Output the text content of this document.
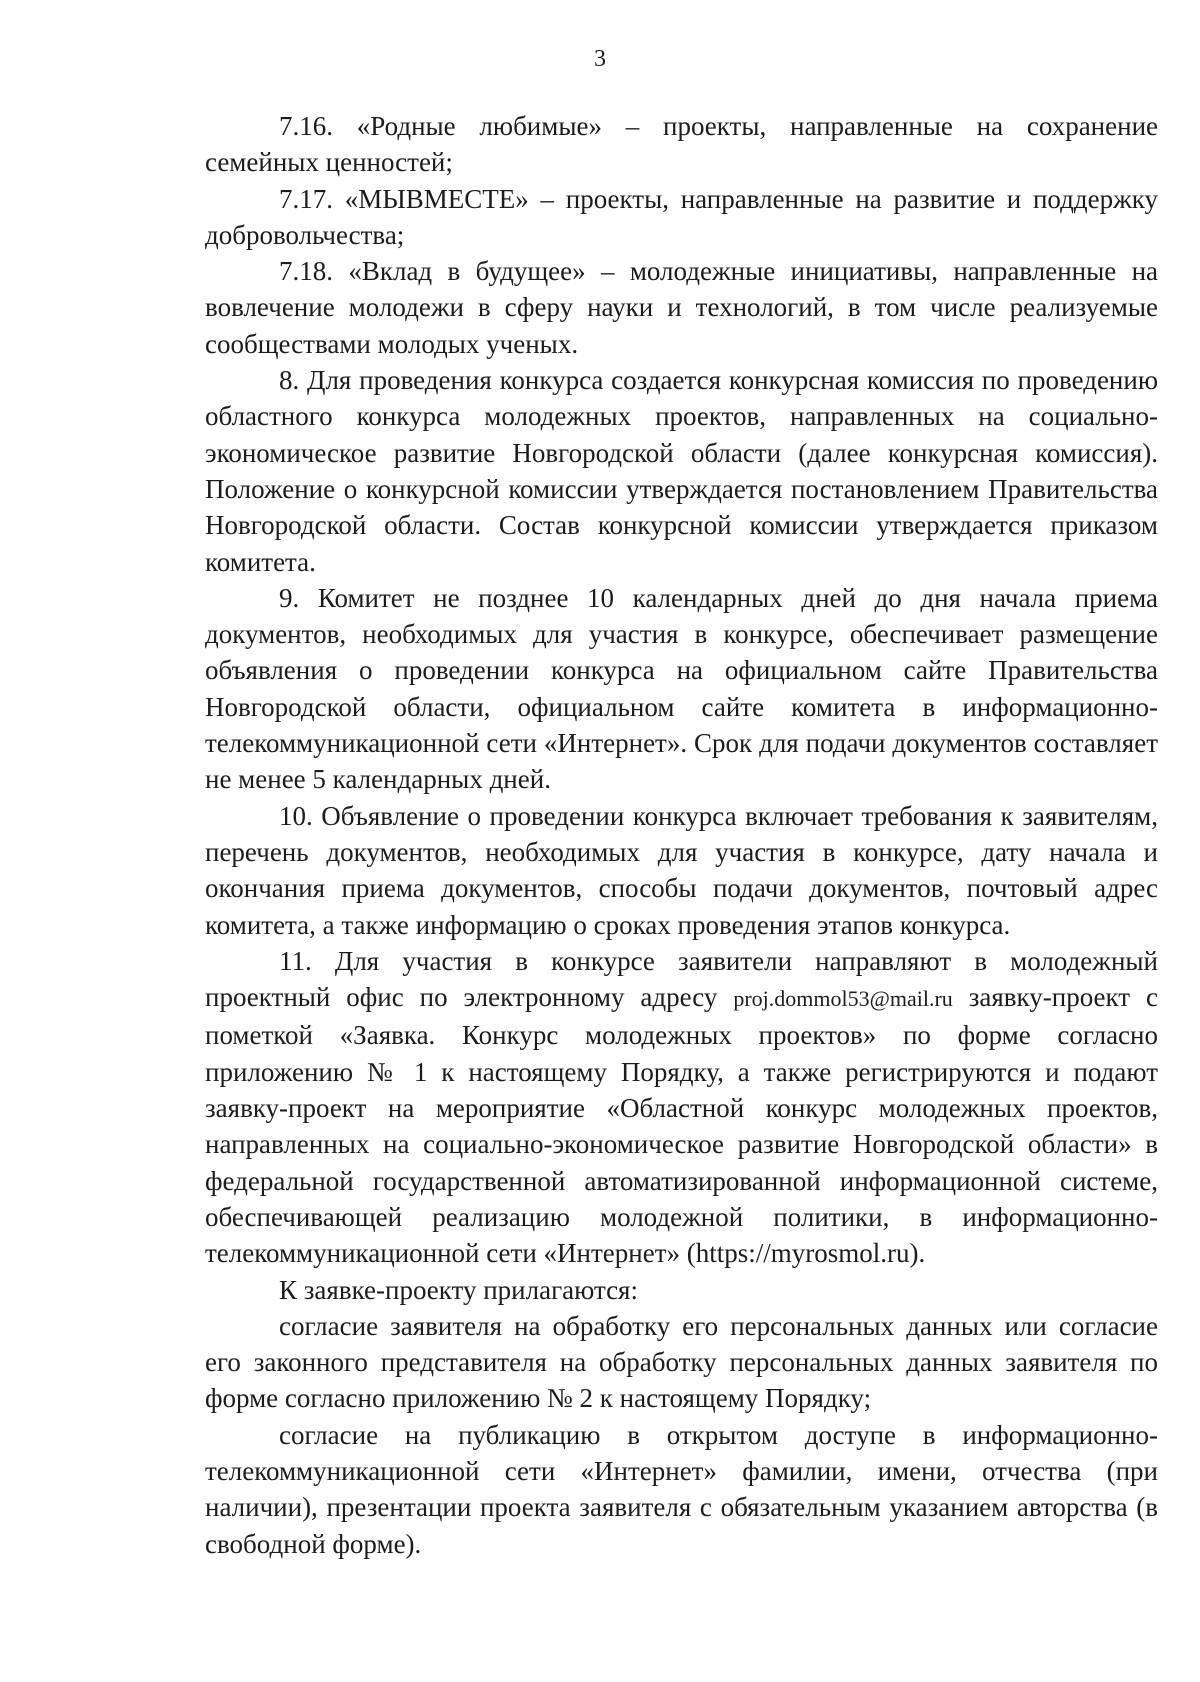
3

7.16. «Родные любимые» – проекты, направленные на сохранение семейных ценностей;

7.17. «МЫВМЕСТЕ» – проекты, направленные на развитие и поддержку добровольчества;

7.18. «Вклад в будущее» – молодежные инициативы, направленные на вовлечение молодежи в сферу науки и технологий, в том числе реализуемые сообществами молодых ученых.

8. Для проведения конкурса создается конкурсная комиссия по проведению областного конкурса молодежных проектов, направленных на социально-экономическое развитие Новгородской области (далее конкурсная комиссия). Положение о конкурсной комиссии утверждается постановлением Правительства Новгородской области. Состав конкурсной комиссии утверждается приказом комитета.

9. Комитет не позднее 10 календарных дней до дня начала приема документов, необходимых для участия в конкурсе, обеспечивает размещение объявления о проведении конкурса на официальном сайте Правительства Новгородской области, официальном сайте комитета в информационно-телекоммуникационной сети «Интернет». Срок для подачи документов составляет не менее 5 календарных дней.

10. Объявление о проведении конкурса включает требования к заявителям, перечень документов, необходимых для участия в конкурсе, дату начала и окончания приема документов, способы подачи документов, почтовый адрес комитета, а также информацию о сроках проведения этапов конкурса.

11. Для участия в конкурсе заявители направляют в молодежный проектный офис по электронному адресу proj.dommol53@mail.ru заявку-проект с пометкой «Заявка. Конкурс молодежных проектов» по форме согласно приложению № 1 к настоящему Порядку, а также регистрируются и подают заявку-проект на мероприятие «Областной конкурс молодежных проектов, направленных на социально-экономическое развитие Новгородской области» в федеральной государственной автоматизированной информационной системе, обеспечивающей реализацию молодежной политики, в информационно-телекоммуникационной сети «Интернет» (https://myrosmol.ru).

К заявке-проекту прилагаются:

согласие заявителя на обработку его персональных данных или согласие его законного представителя на обработку персональных данных заявителя по форме согласно приложению № 2 к настоящему Порядку;

согласие на публикацию в открытом доступе в информационно-телекоммуникационной сети «Интернет» фамилии, имени, отчества (при наличии), презентации проекта заявителя с обязательным указанием авторства (в свободной форме).
